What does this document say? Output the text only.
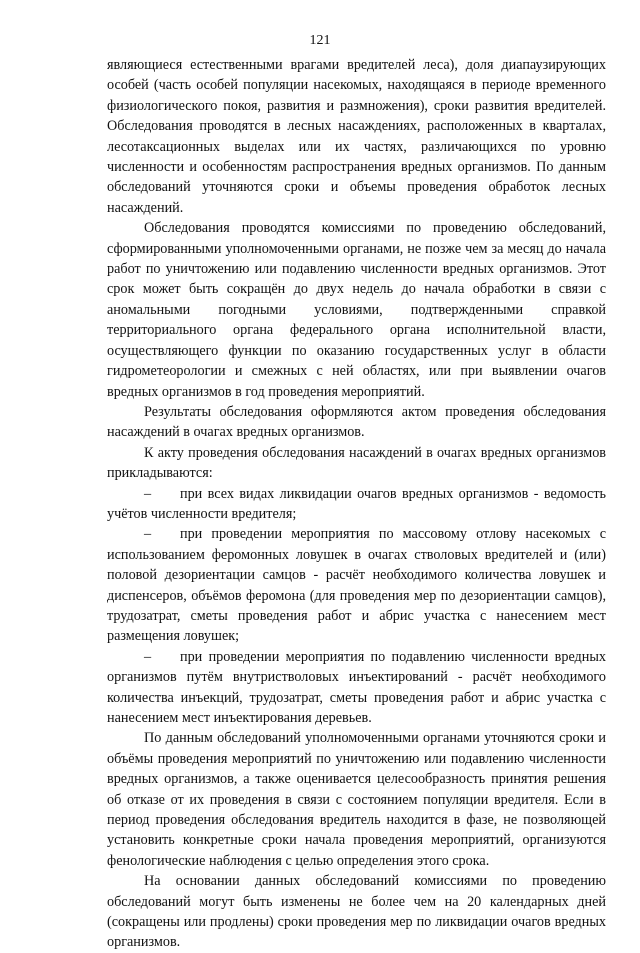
121

являющиеся естественными врагами вредителей леса), доля диапаузирующих особей (часть особей популяции насекомых, находящаяся в периоде временного физиологического покоя, развития и размножения), сроки развития вредителей. Обследования проводятся в лесных насаждениях, расположенных в кварталах, лесотаксационных выделах или их частях, различающихся по уровню численности и особенностям распространения вредных организмов. По данным обследований уточняются сроки и объемы проведения обработок лесных насаждений.

Обследования проводятся комиссиями по проведению обследований, сформированными уполномоченными органами, не позже чем за месяц до начала работ по уничтожению или подавлению численности вредных организмов. Этот срок может быть сокращён до двух недель до начала обработки в связи с аномальными погодными условиями, подтвержденными справкой территориального органа федерального органа исполнительной власти, осуществляющего функции по оказанию государственных услуг в области гидрометеорологии и смежных с ней областях, или при выявлении очагов вредных организмов в год проведения мероприятий.

Результаты обследования оформляются актом проведения обследования насаждений в очагах вредных организмов.

К акту проведения обследования насаждений в очагах вредных организмов прикладываются:

– при всех видах ликвидации очагов вредных организмов - ведомость учётов численности вредителя;

– при проведении мероприятия по массовому отлову насекомых с использованием феромонных ловушек в очагах стволовых вредителей и (или) половой дезориентации самцов - расчёт необходимого количества ловушек и диспенсеров, объёмов феромона (для проведения мер по дезориентации самцов), трудозатрат, сметы проведения работ и абрис участка с нанесением мест размещения ловушек;

– при проведении мероприятия по подавлению численности вредных организмов путём внутристволовых инъектирований - расчёт необходимого количества инъекций, трудозатрат, сметы проведения работ и абрис участка с нанесением мест инъектирования деревьев.

По данным обследований уполномоченными органами уточняются сроки и объёмы проведения мероприятий по уничтожению или подавлению численности вредных организмов, а также оценивается целесообразность принятия решения об отказе от их проведения в связи с состоянием популяции вредителя. Если в период проведения обследования вредитель находится в фазе, не позволяющей установить конкретные сроки начала проведения мероприятий, организуются фенологические наблюдения с целью определения этого срока.

На основании данных обследований комиссиями по проведению обследований могут быть изменены не более чем на 20 календарных дней (сокращены или продлены) сроки проведения мер по ликвидации очагов вредных организмов.
